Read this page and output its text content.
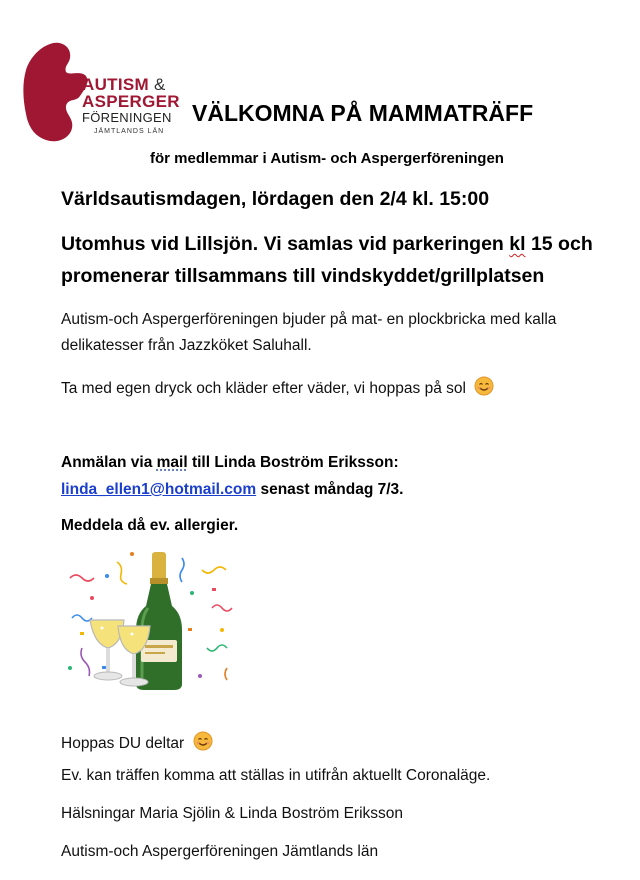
AUTISM &
ASPERGER
FÖRENINGEN
JÄMTLANDS LÄN
VÄLKOMNA PÅ MAMMATRÄFF
för medlemmar i Autism- och Aspergerföreningen
Världsautismdagen, lördagen den 2/4 kl. 15:00
Utomhus vid Lillsjön. Vi samlas vid parkeringen kl 15 och
promenerar tillsammans till vindskyddet/grillplatsen
Autism-och Aspergerföreningen bjuder på mat- en plockbricka med kalla
delikatesser från Jazzköket Saluhall.
Ta med egen dryck och kläder efter väder, vi hoppas på sol
Anmälan via mail till Linda Boström Eriksson:
linda_ellen1@hotmail.com senast måndag 7/3.
Meddela då ev. allergier.
Hoppas DU deltar
Ev. kan träffen komma att ställas in utifrån aktuellt Coronaläge.
Hälsningar Maria Sjölin & Linda Boström Eriksson
Autism-och Aspergerföreningen Jämtlands län
